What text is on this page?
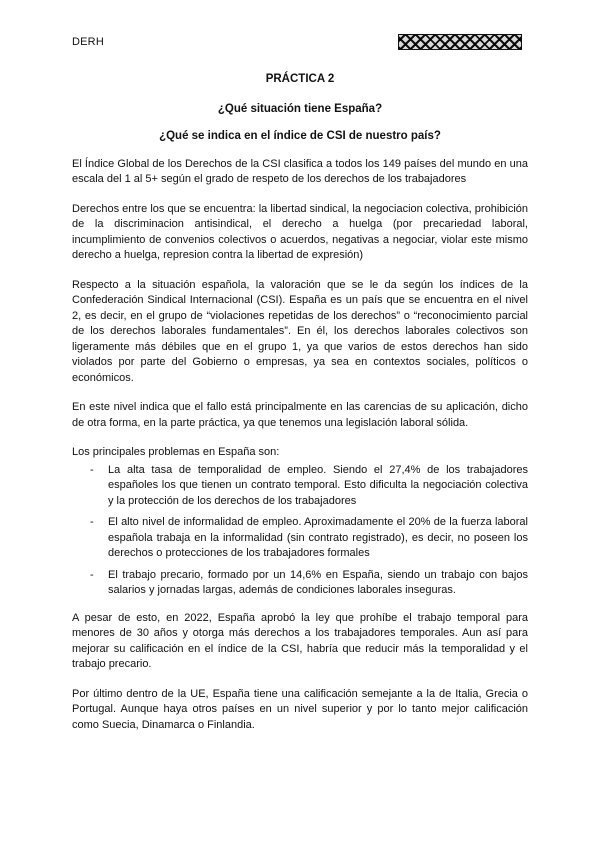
DERH
PRÁCTICA 2
¿Qué situación tiene España?
¿Qué se indica en el índice de CSI de nuestro país?

El Índice Global de los Derechos de la CSI clasifica a todos los 149 países del mundo en una escala del 1 al 5+ según el grado de respeto de los derechos de los trabajadores

Derechos entre los que se encuentra: la libertad sindical, la negociacion colectiva, prohibición de la discriminacion antisindical, el derecho a huelga (por precariedad laboral, incumplimiento de convenios colectivos o acuerdos, negativas a negociar, violar este mismo derecho a huelga, represion contra la libertad de expresión)

Respecto a la situación española, la valoración que se le da según los índices de la Confederación Sindical Internacional (CSI). España es un país que se encuentra en el nivel 2, es decir, en el grupo de “violaciones repetidas de los derechos” o “reconocimiento parcial de los derechos laborales fundamentales”. En él, los derechos laborales colectivos son ligeramente más débiles que en el grupo 1, ya que varios de estos derechos han sido violados por parte del Gobierno o empresas, ya sea en contextos sociales, políticos o económicos.

En este nivel indica que el fallo está principalmente en las carencias de su aplicación, dicho de otra forma, en la parte práctica, ya que tenemos una legislación laboral sólida.

Los principales problemas en España son:

- La alta tasa de temporalidad de empleo. Siendo el 27,4% de los trabajadores españoles los que tienen un contrato temporal. Esto dificulta la negociación colectiva y la protección de los derechos de los trabajadores
- El alto nivel de informalidad de empleo. Aproximadamente el 20% de la fuerza laboral española trabaja en la informalidad (sin contrato registrado), es decir, no poseen los derechos o protecciones de los trabajadores formales
- El trabajo precario, formado por un 14,6% en España, siendo un trabajo con bajos salarios y jornadas largas, además de condiciones laborales inseguras.

A pesar de esto, en 2022, España aprobó la ley que prohíbe el trabajo temporal para menores de 30 años y otorga más derechos a los trabajadores temporales. Aun así para mejorar su calificación en el índice de la CSI, habría que reducir más la temporalidad y el trabajo precario.

Por último dentro de la UE, España tiene una calificación semejante a la de Italia, Grecia o Portugal. Aunque haya otros países en un nivel superior y por lo tanto mejor calificación como Suecia, Dinamarca o Finlandia.
